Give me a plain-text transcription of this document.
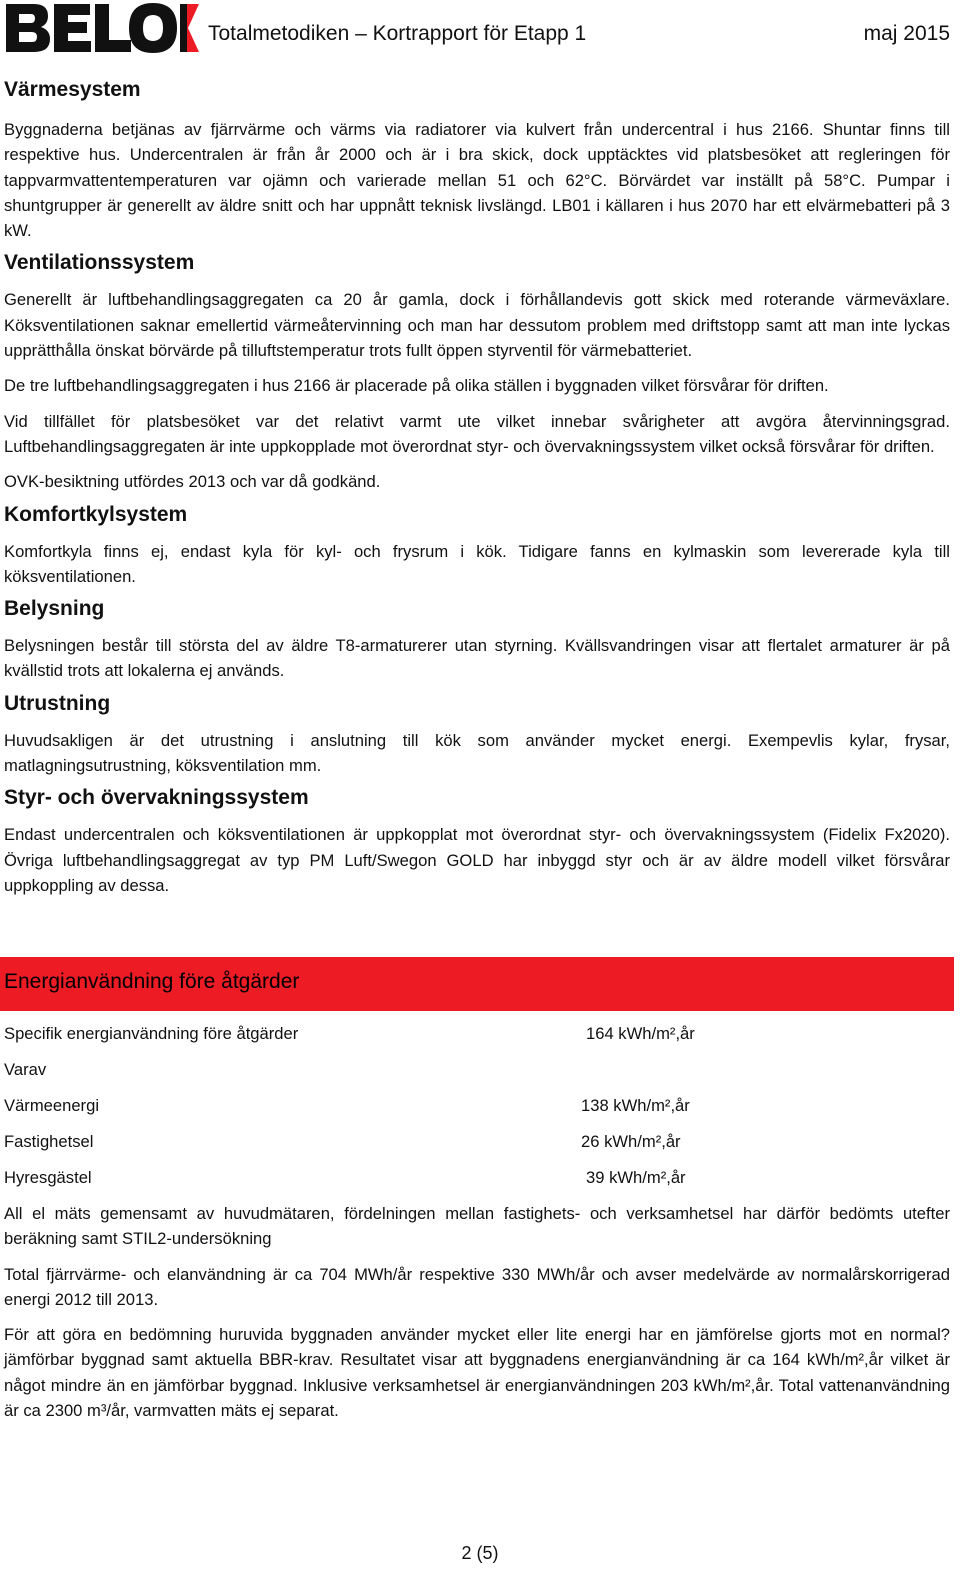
Totalmetodiken – Kortrapport för Etapp 1	maj 2015
Värmesystem

Byggnaderna betjänas av fjärrvärme och värms via radiatorer via kulvert från undercentral i hus 2166. Shuntar finns till respektive hus. Undercentralen är från år 2000 och är i bra skick, dock upptäcktes vid platsbesöket att regleringen för tappvarmvattentemperaturen var ojämn och varierade mellan 51 och 62°C. Börvärdet var inställt på 58°C. Pumpar i shuntgrupper är generellt av äldre snitt och har uppnått teknisk livslängd. LB01 i källaren i hus 2070 har ett elvärmebatteri på 3 kW.

Ventilationssystem

Generellt är luftbehandlingsaggregaten ca 20 år gamla, dock i förhållandevis gott skick med roterande värmeväxlare. Köksventilationen saknar emellertid värmeåtervinning och man har dessutom problem med driftstopp samt att man inte lyckas upprätthålla önskat börvärde på tilluftstemperatur trots fullt öppen styrventil för värmebatteriet.

De tre luftbehandlingsaggregaten i hus 2166 är placerade på olika ställen i byggnaden vilket försvårar för driften.

Vid tillfället för platsbesöket var det relativt varmt ute vilket innebar svårigheter att avgöra återvinningsgrad. Luftbehandlingsaggregaten är inte uppkopplade mot överordnat styr- och övervakningssystem vilket också försvårar för driften.

OVK-besiktning utfördes 2013 och var då godkänd.

Komfortkylsystem

Komfortkyla finns ej, endast kyla för kyl- och frysrum i kök. Tidigare fanns en kylmaskin som levererade kyla till köksventilationen.

Belysning

Belysningen består till största del av äldre T8-armaturerer utan styrning. Kvällsvandringen visar att flertalet armaturer är på kvällstid trots att lokalerna ej används.

Utrustning

Huvudsakligen är det utrustning i anslutning till kök som använder mycket energi. Exempevlis kylar, frysar, matlagningsutrustning, köksventilation mm.

Styr- och övervakningssystem

Endast undercentralen och köksventilationen är uppkopplat mot överordnat styr- och övervakningssystem (Fidelix Fx2020). Övriga luftbehandlingsaggregat av typ PM Luft/Swegon GOLD har inbyggd styr och är av äldre modell vilket försvårar uppkoppling av dessa.

Energianvändning före åtgärder
Specifik energianvändning före åtgärder	164 kWh/m²,år
Varav
Värmeenergi	138 kWh/m²,år
Fastighetsel	26 kWh/m²,år
Hyresgästel	39 kWh/m²,år

All el mäts gemensamt av huvudmätaren, fördelningen mellan fastighets- och verksamhetsel har därför bedömts utefter beräkning samt STIL2-undersökning

Total fjärrvärme- och elanvändning är ca 704 MWh/år respektive 330 MWh/år och avser medelvärde av normalårskorrigerad energi 2012 till 2013.

För att göra en bedömning huruvida byggnaden använder mycket eller lite energi har en jämförelse gjorts mot en normal? jämförbar byggnad samt aktuella BBR-krav. Resultatet visar att byggnadens energianvändning är ca 164 kWh/m²,år vilket är något mindre än en jämförbar byggnad. Inklusive verksamhetsel är energianvändningen 203 kWh/m²,år. Total vattenanvändning är ca 2300 m³/år, varmvatten mäts ej separat.

2 (5)
